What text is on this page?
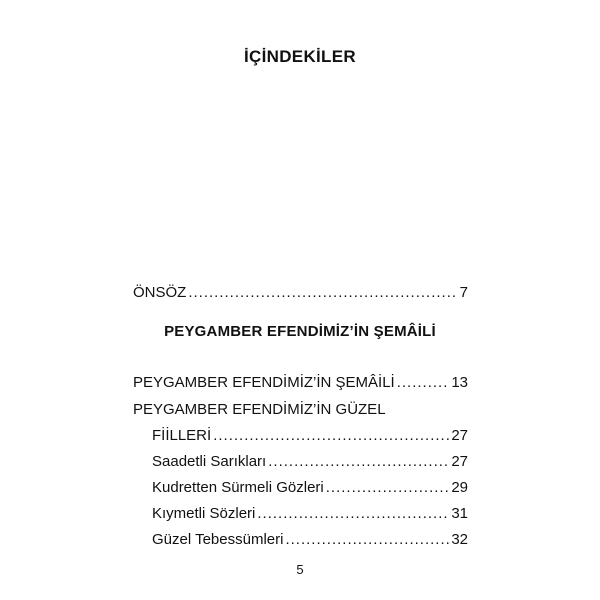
İÇİNDEKİLER
ÖNSÖZ .....	7
PEYGAMBER EFENDİMİZ’İN ŞEMÂİLİ
PEYGAMBER EFENDİMİZ’İN ŞEMÂİLİ .....	13
PEYGAMBER EFENDİMİZ’İN GÜZEL
FİİLLERİ .....	27
Saadetli Sarıkları .....	27
Kudretten Sürmeli Gözleri .....	29
Kıymetli Sözleri .....	31
Güzel Tebessümleri .....	32
5
